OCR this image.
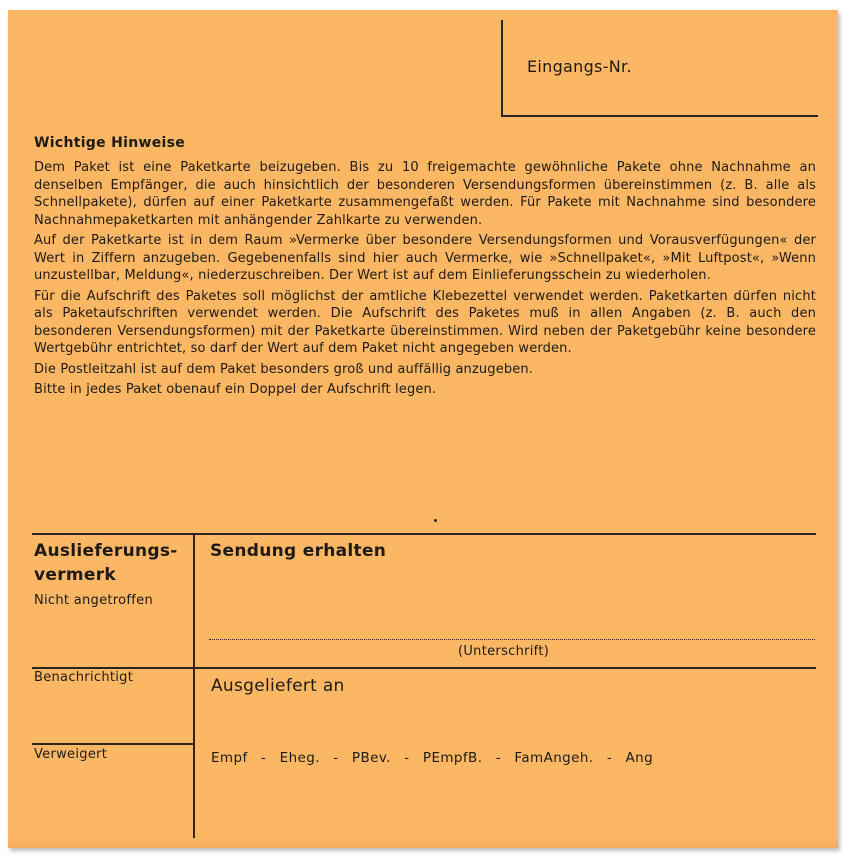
Eingangs-Nr.
Wichtige Hinweise

Dem Paket ist eine Paketkarte beizugeben. Bis zu 10 freigemachte gewöhnliche Pakete ohne Nachnahme an denselben Empfänger, die auch hinsichtlich der besonderen Versendungsformen übereinstimmen (z. B. alle als Schnellpakete), dürfen auf einer Paketkarte zusammengefaßt werden. Für Pakete mit Nachnahme sind besondere Nachnahmepaketkarten mit anhängender Zahlkarte zu verwenden.

Auf der Paketkarte ist in dem Raum »Vermerke über besondere Versendungsformen und Vorausverfügungen« der Wert in Ziffern anzugeben. Gegebenenfalls sind hier auch Vermerke, wie »Schnellpaket«, »Mit Luftpost«, »Wenn unzustellbar, Meldung«, niederzuschreiben. Der Wert ist auf dem Einlieferungsschein zu wiederholen.

Für die Aufschrift des Paketes soll möglichst der amtliche Klebezettel verwendet werden. Paketkarten dürfen nicht als Paketaufschriften verwendet werden. Die Aufschrift des Paketes muß in allen Angaben (z. B. auch den besonderen Versendungsformen) mit der Paketkarte übereinstimmen. Wird neben der Paketgebühr keine besondere Wertgebühr entrichtet, so darf der Wert auf dem Paket nicht angegeben werden.

Die Postleitzahl ist auf dem Paket besonders groß und auffällig anzugeben.

Bitte in jedes Paket obenauf ein Doppel der Aufschrift legen.

Auslieferungs-
vermerk
Nicht angetroffen
Benachrichtigt
Verweigert
Sendung erhalten
(Unterschrift)
Ausgeliefert an
Empf  -  Eheg.  -  PBev.  -  PEmpfB.  -  FamAngeh.  -  Ang
